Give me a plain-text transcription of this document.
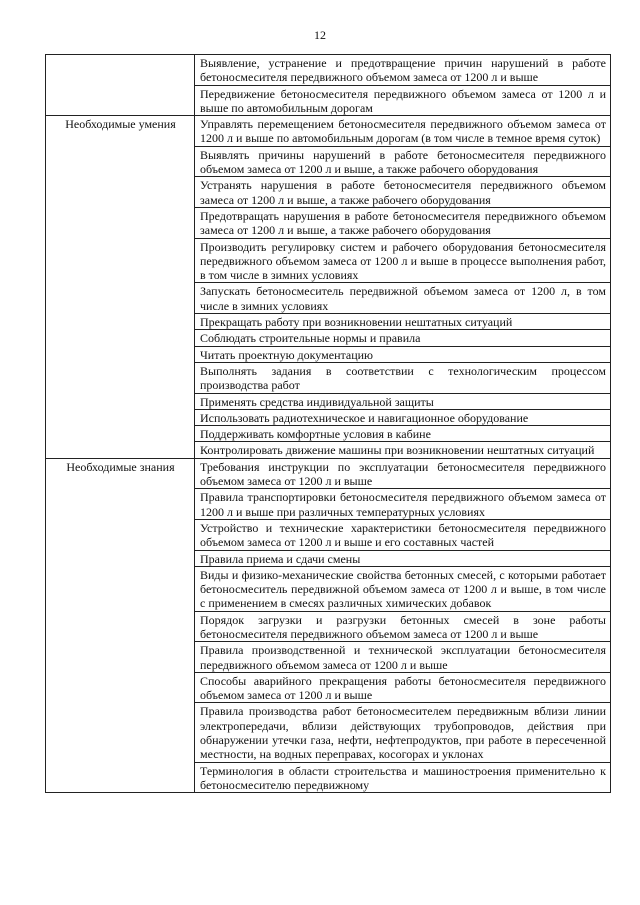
12
	Выявление, устранение и предотвращение причин нарушений в работе бетоносмесителя передвижного объемом замеса от 1200 л и выше
	Передвижение бетоносмесителя передвижного объемом замеса от 1200 л и выше по автомобильным дорогам
Необходимые умения	Управлять перемещением бетоносмесителя передвижного объемом замеса от 1200 л и выше по автомобильным дорогам (в том числе в темное время суток)
	Выявлять причины нарушений в работе бетоносмесителя передвижного объемом замеса от 1200 л и выше, а также рабочего оборудования
	Устранять нарушения в работе бетоносмесителя передвижного объемом замеса от 1200 л и выше, а также рабочего оборудования
	Предотвращать нарушения в работе бетоносмесителя передвижного объемом замеса от 1200 л и выше, а также рабочего оборудования
	Производить регулировку систем и рабочего оборудования бетоносмесителя передвижного объемом замеса от 1200 л и выше в процессе выполнения работ, в том числе в зимних условиях
	Запускать бетоносмеситель передвижной объемом замеса от 1200 л, в том числе в зимних условиях
	Прекращать работу при возникновении нештатных ситуаций
	Соблюдать строительные нормы и правила
	Читать проектную документацию
	Выполнять задания в соответствии с технологическим процессом производства работ
	Применять средства индивидуальной защиты
	Использовать радиотехническое и навигационное оборудование
	Поддерживать комфортные условия в кабине
	Контролировать движение машины при возникновении нештатных ситуаций
Необходимые знания	Требования инструкции по эксплуатации бетоносмесителя передвижного объемом замеса от 1200 л и выше
	Правила транспортировки бетоносмесителя передвижного объемом замеса от 1200 л и выше при различных температурных условиях
	Устройство и технические характеристики бетоносмесителя передвижного объемом замеса от 1200 л и выше и его составных частей
	Правила приема и сдачи смены
	Виды и физико-механические свойства бетонных смесей, с которыми работает бетоносмеситель передвижной объемом замеса от 1200 л и выше, в том числе с применением в смесях различных химических добавок
	Порядок загрузки и разгрузки бетонных смесей в зоне работы бетоносмесителя передвижного объемом замеса от 1200 л и выше
	Правила производственной и технической эксплуатации бетоносмесителя передвижного объемом замеса от 1200 л и выше
	Способы аварийного прекращения работы бетоносмесителя передвижного объемом замеса от 1200 л и выше
	Правила производства работ бетоносмесителем передвижным вблизи линии электропередачи, вблизи действующих трубопроводов, действия при обнаружении утечки газа, нефти, нефтепродуктов, при работе в пересеченной местности, на водных переправах, косогорах и уклонах
	Терминология в области строительства и машиностроения применительно к бетоносмесителю передвижному
